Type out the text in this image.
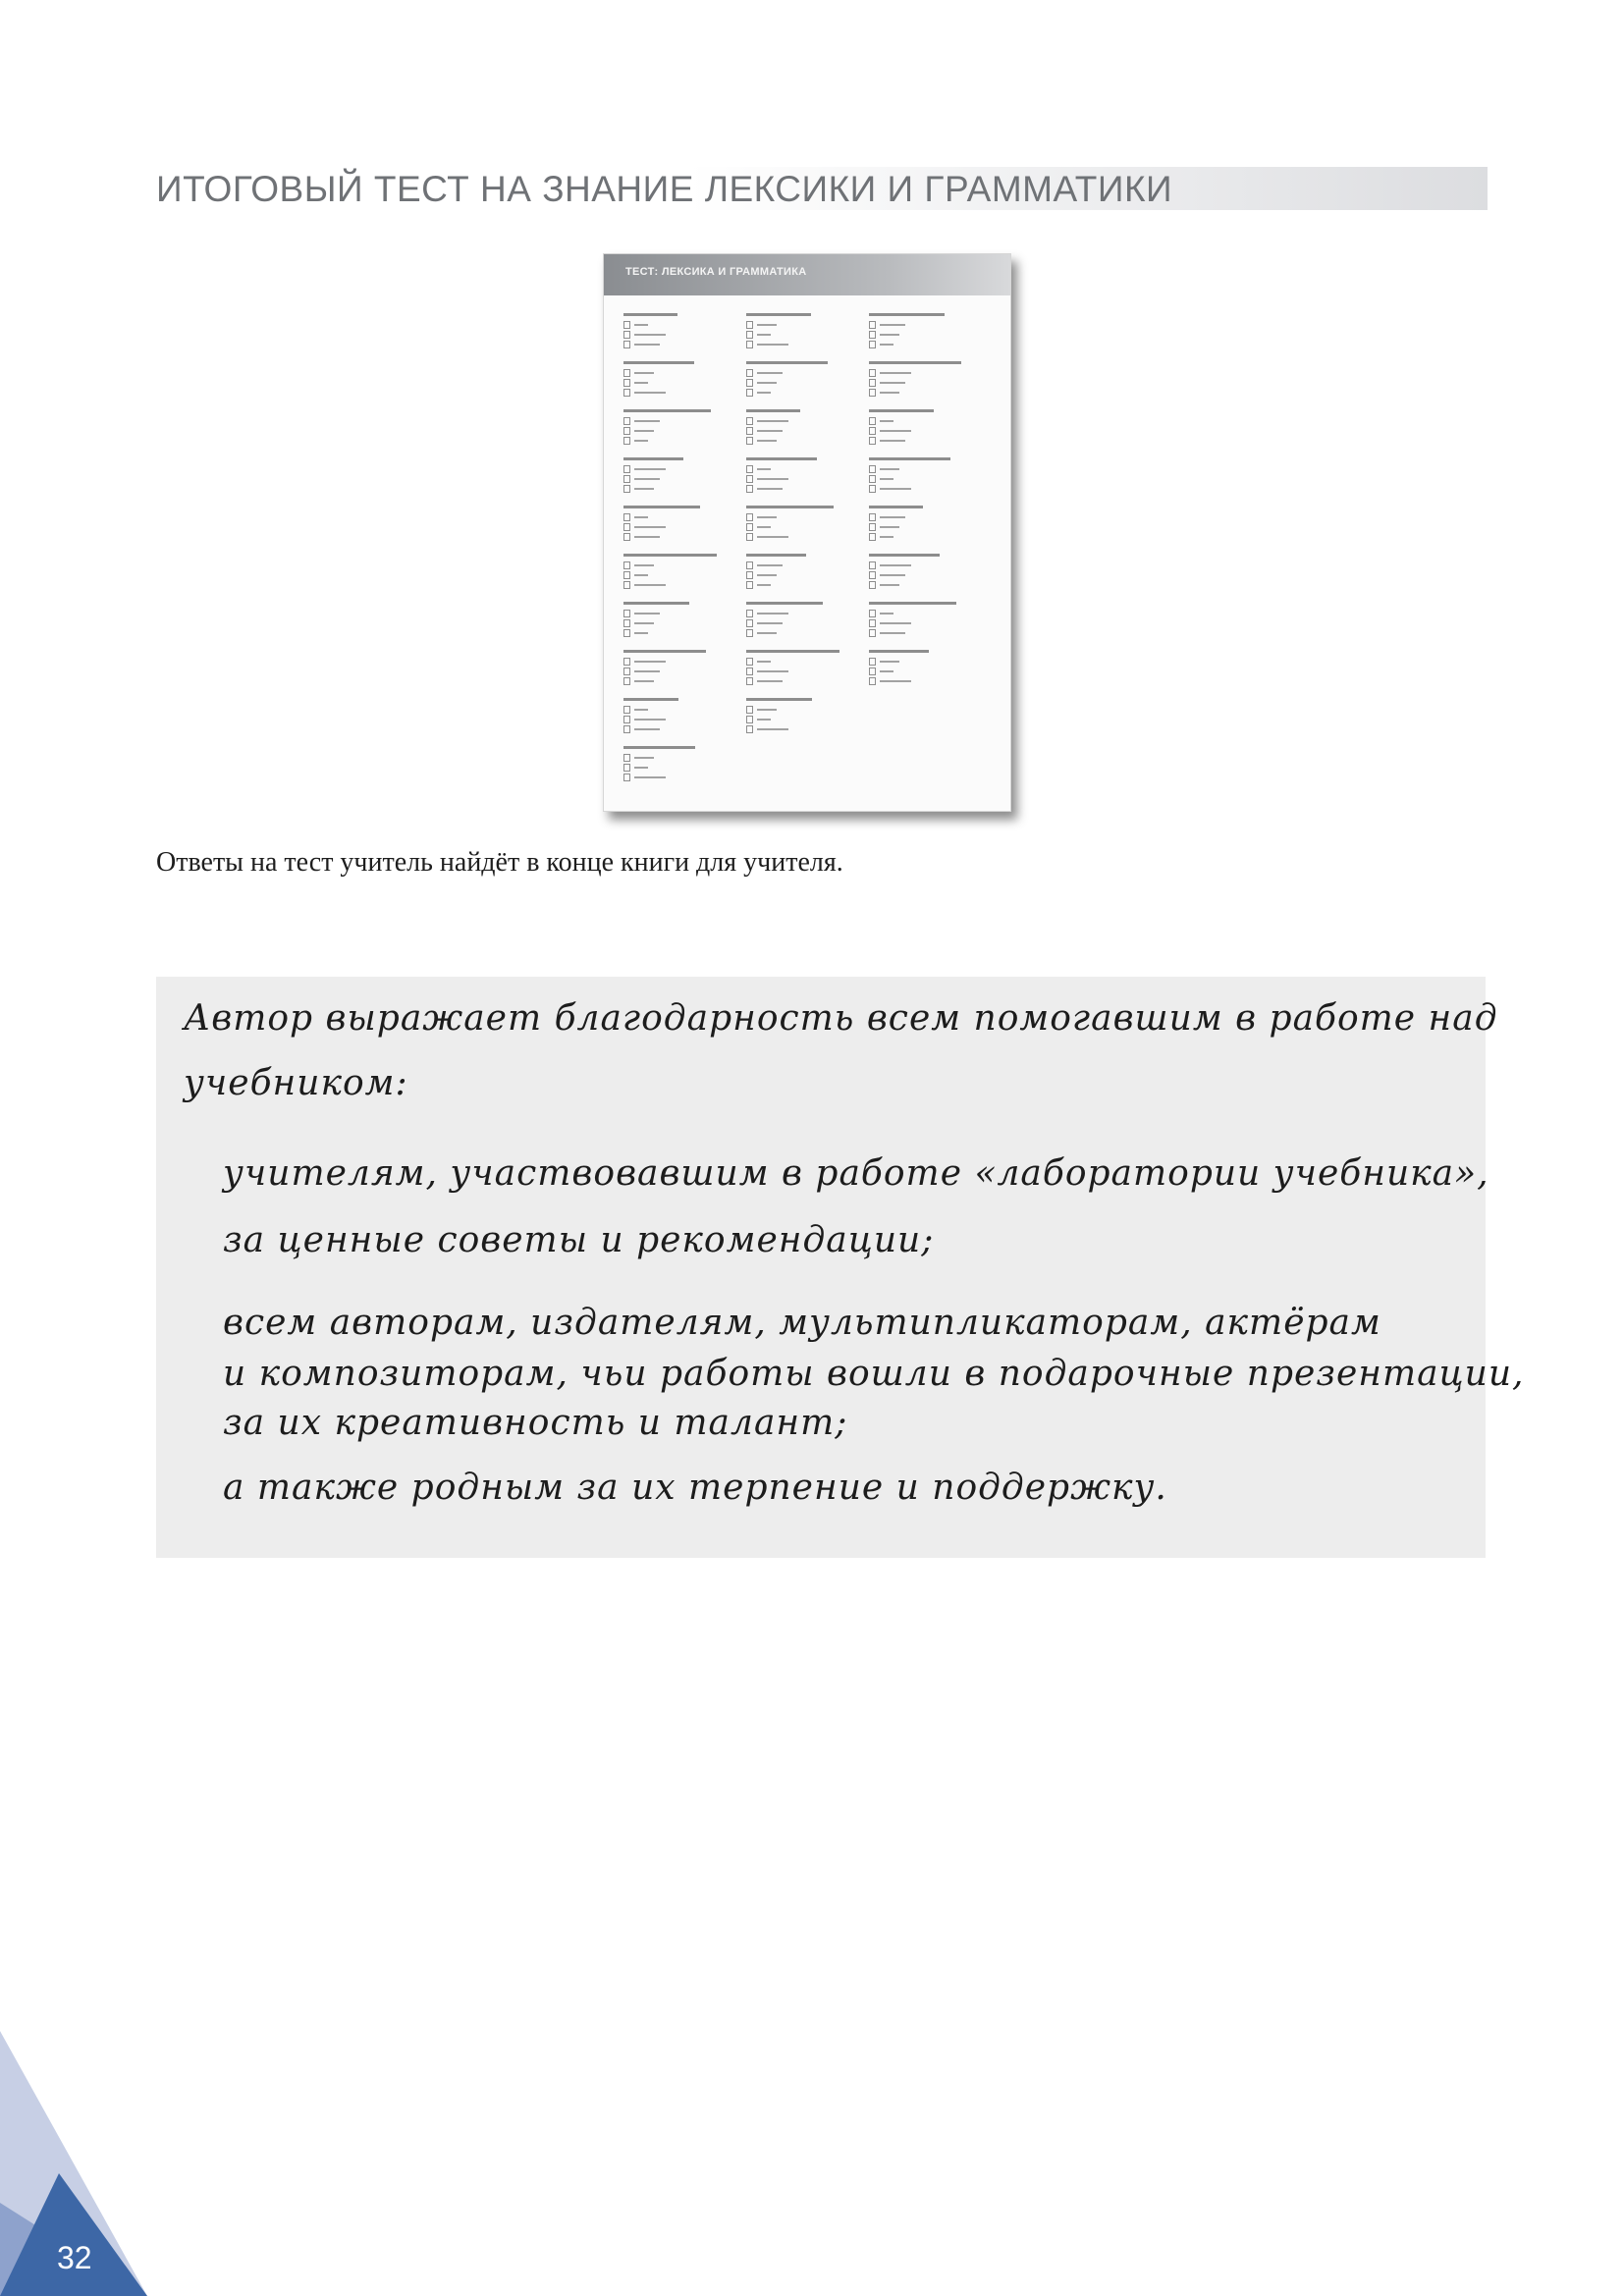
ИТОГОВЫЙ ТЕСТ НА ЗНАНИЕ ЛЕКСИКИ И ГРАММАТИКИ
ТЕСТ: ЛЕКСИКА И ГРАММАТИКА
Ответы на тест учитель найдёт в конце книги для учителя.

Автор выражает благодарность всем помогавшим в работе над

учебником:

учителям, участвовавшим в работе «лаборатории учебника»,

за ценные советы и рекомендации;

всем авторам, издателям, мультипликаторам, актёрам

и композиторам, чьи работы вошли в подарочные презентации,

за их креативность и талант;

а также родным за их терпение и поддержку.

32
